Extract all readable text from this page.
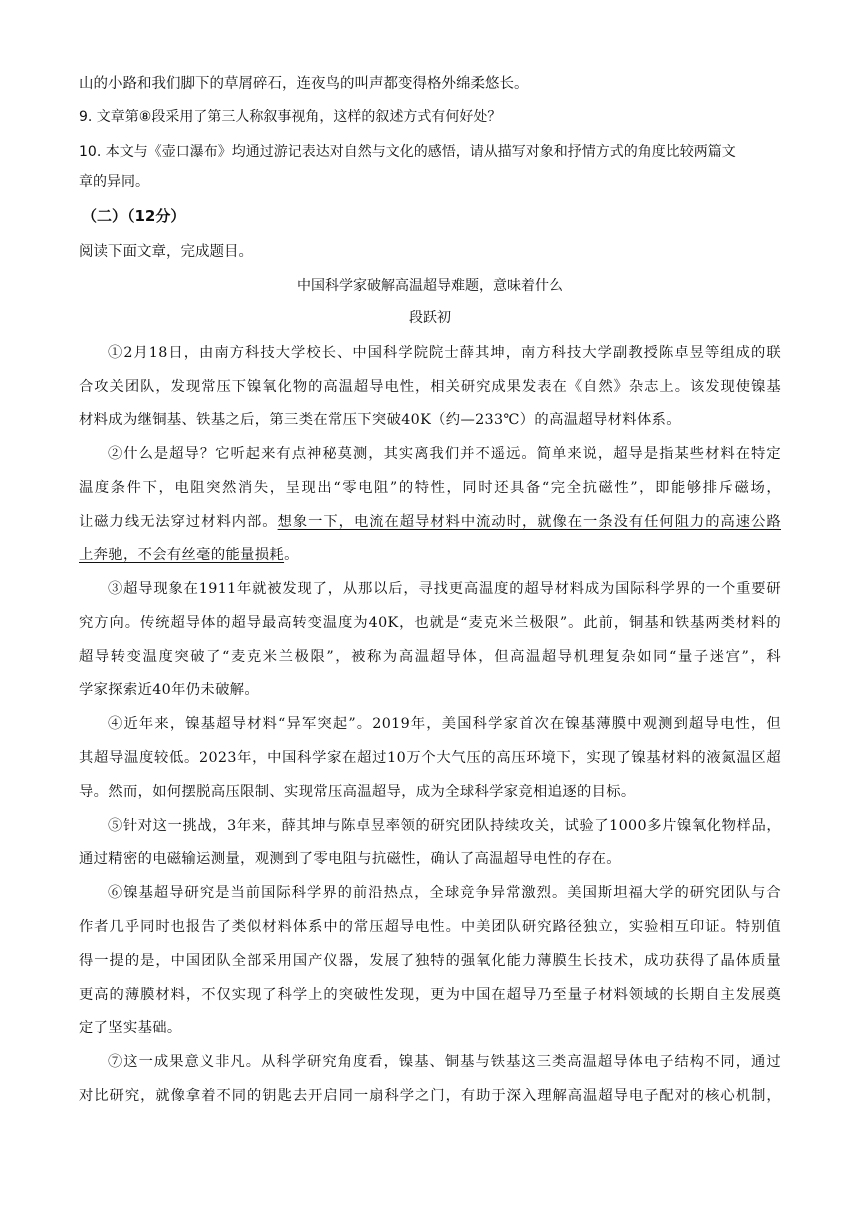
山的小路和我们脚下的草屑碎石，连夜鸟的叫声都变得格外绵柔悠长。
9. 文章第⑧段采用了第三人称叙事视角，这样的叙述方式有何好处？
10. 本文与《壶口瀑布》均通过游记表达对自然与文化的感悟，请从描写对象和抒情方式的角度比较两篇文
章的异同。
（二）（12分）
阅读下面文章，完成题目。
中国科学家破解高温超导难题，意味着什么
段跃初
①2月18日，由南方科技大学校长、中国科学院院士薛其坤，南方科技大学副教授陈卓昱等组成的联
合攻关团队，发现常压下镍氧化物的高温超导电性，相关研究成果发表在《自然》杂志上。该发现使镍基
材料成为继铜基、铁基之后，第三类在常压下突破40K（约—233℃）的高温超导材料体系。
②什么是超导？它听起来有点神秘莫测，其实离我们并不遥远。简单来说，超导是指某些材料在特定
温度条件下，电阻突然消失，呈现出“零电阻”的特性，同时还具备“完全抗磁性”，即能够排斥磁场，
让磁力线无法穿过材料内部。想象一下，电流在超导材料中流动时，就像在一条没有任何阻力的高速公路
上奔驰，不会有丝毫的能量损耗。
③超导现象在1911年就被发现了，从那以后，寻找更高温度的超导材料成为国际科学界的一个重要研
究方向。传统超导体的超导最高转变温度为40K，也就是“麦克米兰极限”。此前，铜基和铁基两类材料的
超导转变温度突破了“麦克米兰极限”，被称为高温超导体，但高温超导机理复杂如同“量子迷宫”，科
学家探索近40年仍未破解。
④近年来，镍基超导材料“异军突起”。2019年，美国科学家首次在镍基薄膜中观测到超导电性，但
其超导温度较低。2023年，中国科学家在超过10万个大气压的高压环境下，实现了镍基材料的液氮温区超
导。然而，如何摆脱高压限制、实现常压高温超导，成为全球科学家竞相追逐的目标。
⑤针对这一挑战，3年来，薛其坤与陈卓昱率领的研究团队持续攻关，试验了1000多片镍氧化物样品，
通过精密的电磁输运测量，观测到了零电阻与抗磁性，确认了高温超导电性的存在。
⑥镍基超导研究是当前国际科学界的前沿热点，全球竞争异常激烈。美国斯坦福大学的研究团队与合
作者几乎同时也报告了类似材料体系中的常压超导电性。中美团队研究路径独立，实验相互印证。特别值
得一提的是，中国团队全部采用国产仪器，发展了独特的强氧化能力薄膜生长技术，成功获得了晶体质量
更高的薄膜材料，不仅实现了科学上的突破性发现，更为中国在超导乃至量子材料领域的长期自主发展奠
定了坚实基础。
⑦这一成果意义非凡。从科学研究角度看，镍基、铜基与铁基这三类高温超导体电子结构不同，通过
对比研究，就像拿着不同的钥匙去开启同一扇科学之门，有助于深入理解高温超导电子配对的核心机制，
